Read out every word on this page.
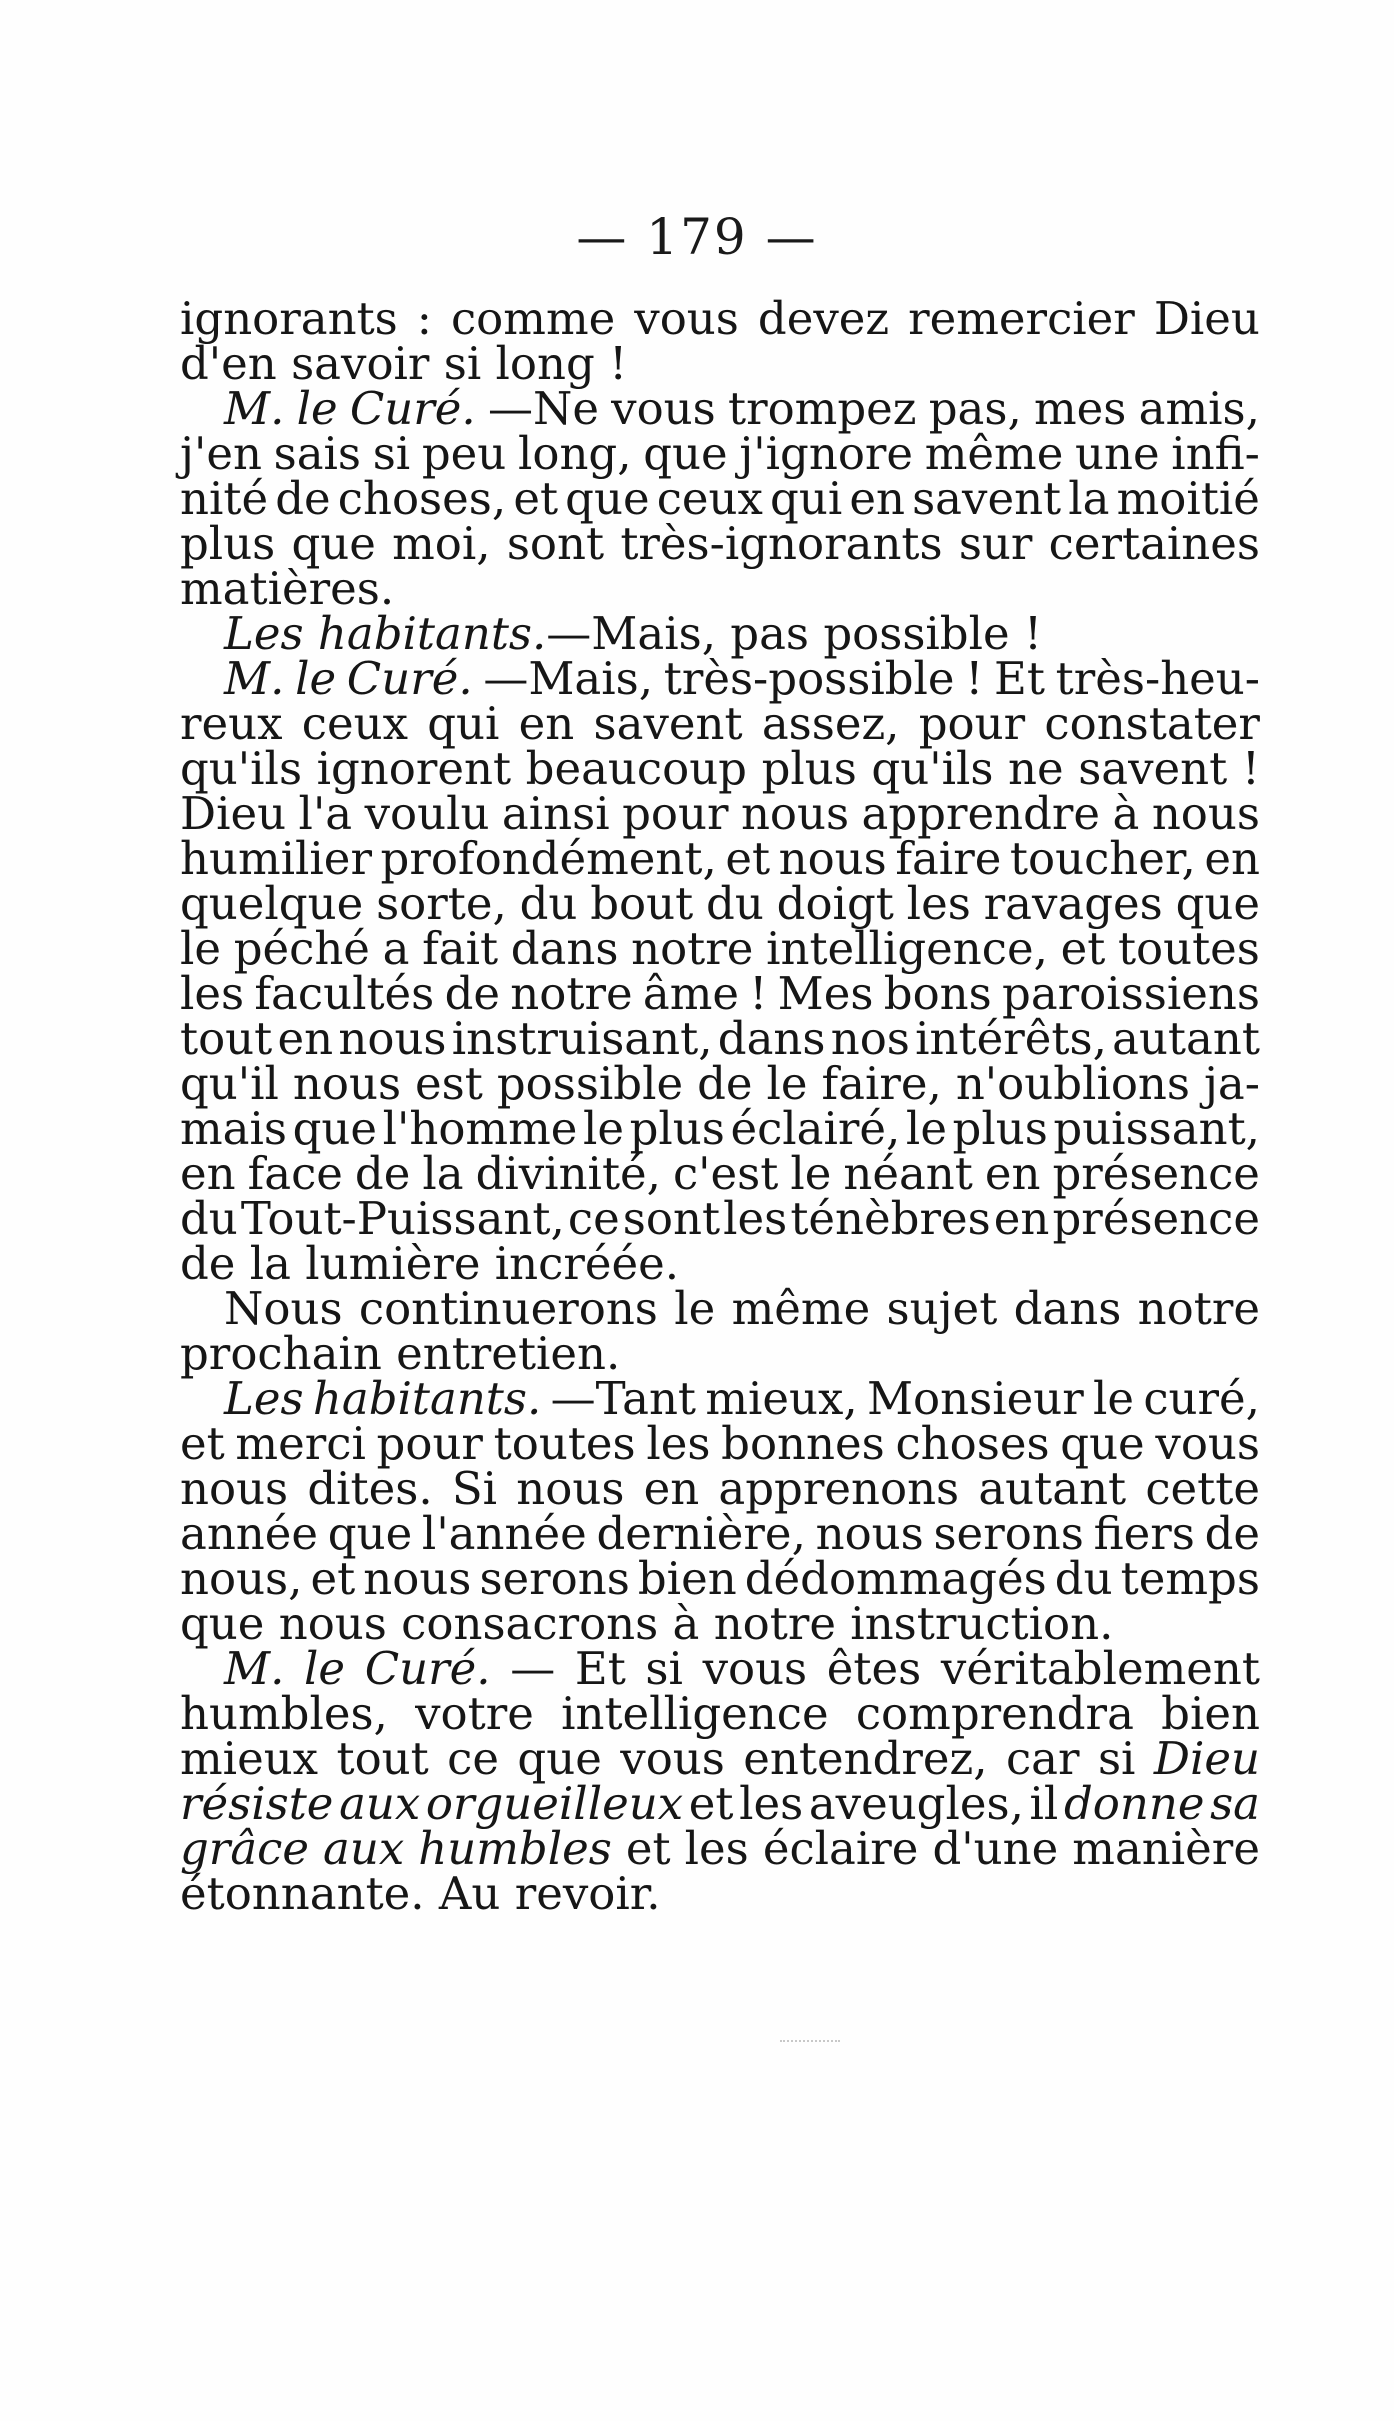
— 179 —
ignorants : comme vous devez remercier Dieu
d'en savoir si long !
M. le Curé. —Ne vous trompez pas, mes amis,
j'en sais si peu long, que j'ignore même une infi-
nité de choses, et que ceux qui en savent la moitié
plus que moi, sont très-ignorants sur certaines
matières.
Les habitants. —Mais, pas possible !
M. le Curé. —Mais, très-possible ! Et très-heu-
reux ceux qui en savent assez, pour constater
qu'ils ignorent beaucoup plus qu'ils ne savent !
Dieu l'a voulu ainsi pour nous apprendre à nous
humilier profondément, et nous faire toucher, en
quelque sorte, du bout du doigt les ravages que
le péché a fait dans notre intelligence, et toutes
les facultés de notre âme ! Mes bons paroissiens
tout en nous instruisant, dans nos intérêts, autant
qu'il nous est possible de le faire, n'oublions ja-
mais que l'homme le plus éclairé, le plus puissant,
en face de la divinité, c'est le néant en présence
du Tout-Puissant, ce sont les ténèbres en présence
de la lumière incréée.
Nous continuerons le même sujet dans notre
prochain entretien.
Les habitants. —Tant mieux, Monsieur le curé,
et merci pour toutes les bonnes choses que vous
nous dites. Si nous en apprenons autant cette
année que l'année dernière, nous serons fiers de
nous, et nous serons bien dédommagés du temps
que nous consacrons à notre instruction.
M. le Curé. — Et si vous êtes véritablement
humbles, votre intelligence comprendra bien
mieux tout ce que vous entendrez, car si Dieu
résiste aux orgueilleux et les aveugles, il donne sa
grâce aux humbles et les éclaire d'une manière
étonnante. Au revoir.
